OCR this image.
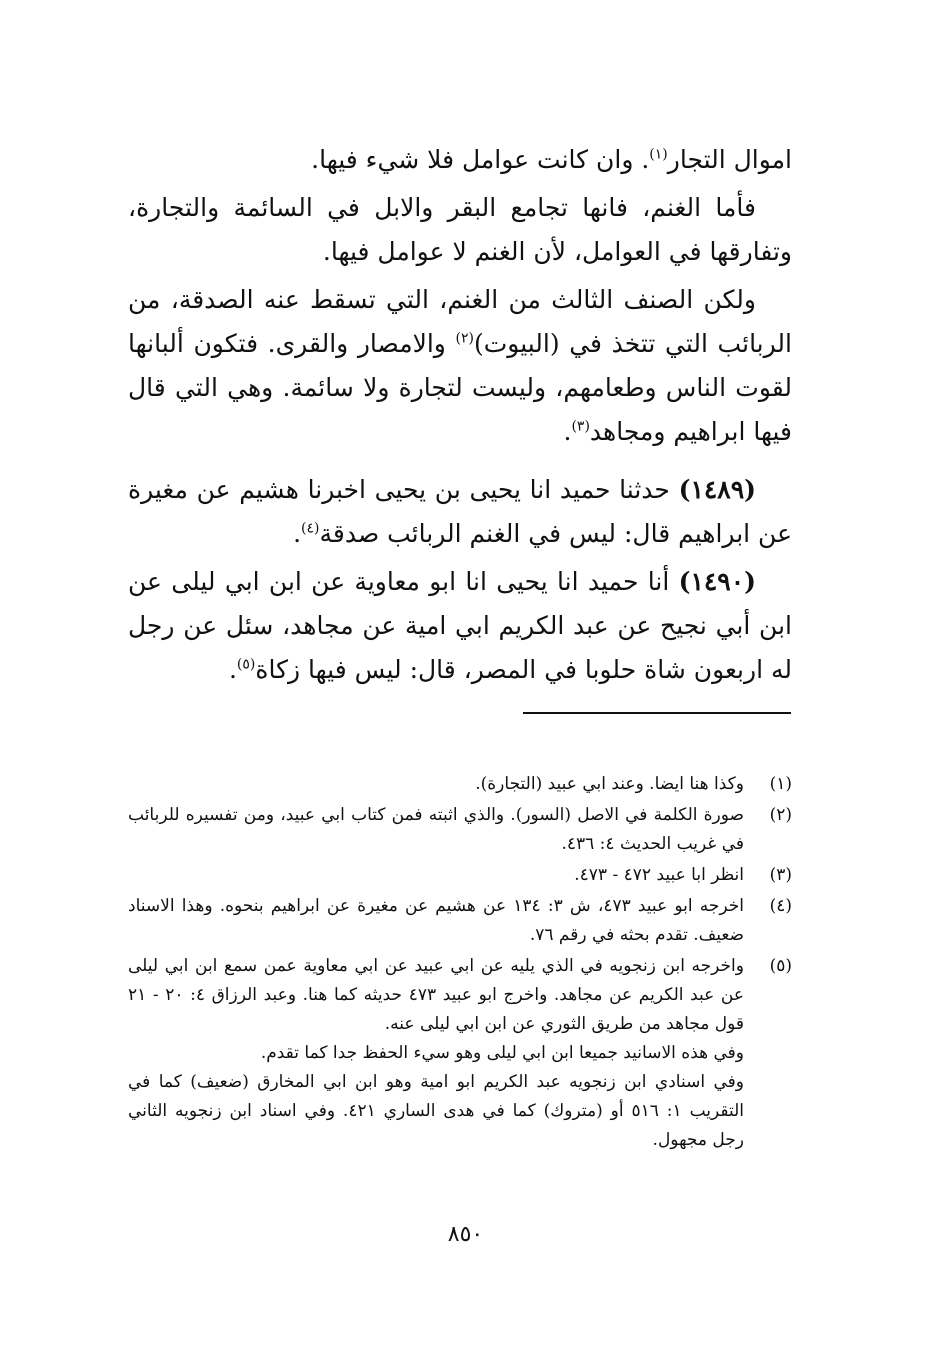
اموال التجار$^{(١)}$. وان كانت عوامل فلا شيء فيها.

فأما الغنم، فانها تجامع البقر والابل في السائمة والتجارة، وتفارقها في العوامل، لأن الغنم لا عوامل فيها.

ولكن الصنف الثالث من الغنم، التي تسقط عنه الصدقة، من الربائب التي تتخذ في (البيوت)$^{(٢)}$ والامصار والقرى. فتكون ألبانها لقوت الناس وطعامهم، وليست لتجارة ولا سائمة. وهي التي قال فيها ابراهيم ومجاهد$^{(٣)}$.

(١٤٨٩) حدثنا حميد انا يحيى بن يحيى اخبرنا هشيم عن مغيرة عن ابراهيم قال: ليس في الغنم الربائب صدقة$^{(٤)}$.

(١٤٩٠) أنا حميد انا يحيى انا ابو معاوية عن ابن ابي ليلى عن ابن أبي نجيح عن عبد الكريم ابي امية عن مجاهد، سئل عن رجل له اربعون شاة حلوبا في المصر، قال: ليس فيها زكاة$^{(٥)}$.

(١)
وكذا هنا ايضا. وعند ابي عبيد (التجارة).
(٢)
صورة الكلمة في الاصل (السور). والذي اثبته فمن كتاب ابي عبيد، ومن تفسيره للربائب في غريب الحديث ٤: ٤٣٦.
(٣)
انظر ابا عبيد ٤٧٢ - ٤٧٣.
(٤)
اخرجه ابو عبيد ٤٧٣، ش ٣: ١٣٤ عن هشيم عن مغيرة عن ابراهيم بنحوه. وهذا الاسناد ضعيف. تقدم بحثه في رقم ٧٦.
(٥)
واخرجه ابن زنجويه في الذي يليه عن ابي عبيد عن ابي معاوية عمن سمع ابن ابي ليلى عن عبد الكريم عن مجاهد. واخرج ابو عبيد ٤٧٣ حديثه كما هنا. وعبد الرزاق ٤: ٢٠ - ٢١ قول مجاهد من طريق الثوري عن ابن ابي ليلى عنه.
وفي هذه الاسانيد جميعا ابن ابي ليلى وهو سيء الحفظ جدا كما تقدم.
وفي اسنادي ابن زنجويه عبد الكريم ابو امية وهو ابن ابي المخارق (ضعيف) كما في التقريب ١: ٥١٦ أو (متروك) كما في هدى الساري ٤٢١. وفي اسناد ابن زنجويه الثاني رجل مجهول.
٨٥٠
